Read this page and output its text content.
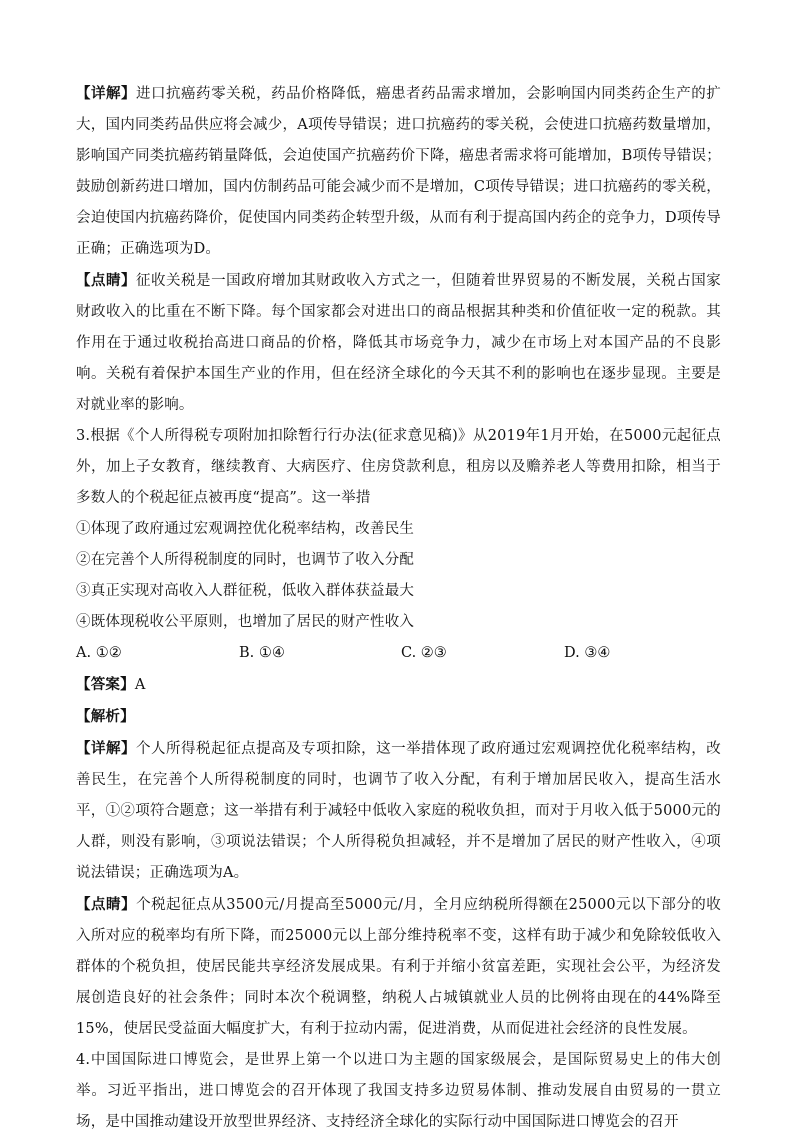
【详解】进口抗癌药零关税，药品价格降低，癌患者药品需求增加，会影响国内同类药企生产的扩大，国内同类药品供应将会减少，A项传导错误；进口抗癌药的零关税，会使进口抗癌药数量增加，影响国产同类抗癌药销量降低，会迫使国产抗癌药价下降，癌患者需求将可能增加，B项传导错误；鼓励创新药进口增加，国内仿制药品可能会减少而不是增加，C项传导错误；进口抗癌药的零关税，会迫使国内抗癌药降价，促使国内同类药企转型升级，从而有利于提高国内药企的竞争力，D项传导正确；正确选项为D。

【点睛】征收关税是一国政府增加其财政收入方式之一，但随着世界贸易的不断发展，关税占国家财政收入的比重在不断下降。每个国家都会对进出口的商品根据其种类和价值征收一定的税款。其作用在于通过收税抬高进口商品的价格，降低其市场竞争力，减少在市场上对本国产品的不良影响。关税有着保护本国生产业的作用，但在经济全球化的今天其不利的影响也在逐步显现。主要是对就业率的影响。

3.根据《个人所得税专项附加扣除暂行行办法(征求意见稿)》从2019年1月开始，在5000元起征点外，加上子女教育，继续教育、大病医疗、住房贷款利息，租房以及赡养老人等费用扣除，相当于多数人的个税起征点被再度“提高”。这一举措

①体现了政府通过宏观调控优化税率结构，改善民生

②在完善个人所得税制度的同时，也调节了收入分配

③真正实现对高收入人群征税，低收入群体获益最大

④既体现税收公平原则，也增加了居民的财产性收入

A. ①②	B. ①④	C. ②③	D. ③④

【答案】A

【解析】

【详解】个人所得税起征点提高及专项扣除，这一举措体现了政府通过宏观调控优化税率结构，改善民生，在完善个人所得税制度的同时，也调节了收入分配，有利于增加居民收入，提高生活水平，①②项符合题意；这一举措有利于减轻中低收入家庭的税收负担，而对于月收入低于5000元的人群，则没有影响，③项说法错误；个人所得税负担减轻，并不是增加了居民的财产性收入，④项说法错误；正确选项为A。

【点睛】个税起征点从3500元/月提高至5000元/月，全月应纳税所得额在25000元以下部分的收入所对应的税率均有所下降，而25000元以上部分维持税率不变，这样有助于减少和免除较低收入群体的个税负担，使居民能共享经济发展成果。有利于并缩小贫富差距，实现社会公平，为经济发展创造良好的社会条件；同时本次个税调整，纳税人占城镇就业人员的比例将由现在的44%降至15%，使居民受益面大幅度扩大，有利于拉动内需，促进消费，从而促进社会经济的良性发展。

4.中国国际进口博览会，是世界上第一个以进口为主题的国家级展会，是国际贸易史上的伟大创举。习近平指出，进口博览会的召开体现了我国支持多边贸易体制、推动发展自由贸易的一贯立场，是中国推动建设开放型世界经济、支持经济全球化的实际行动中国国际进口博览会的召开
